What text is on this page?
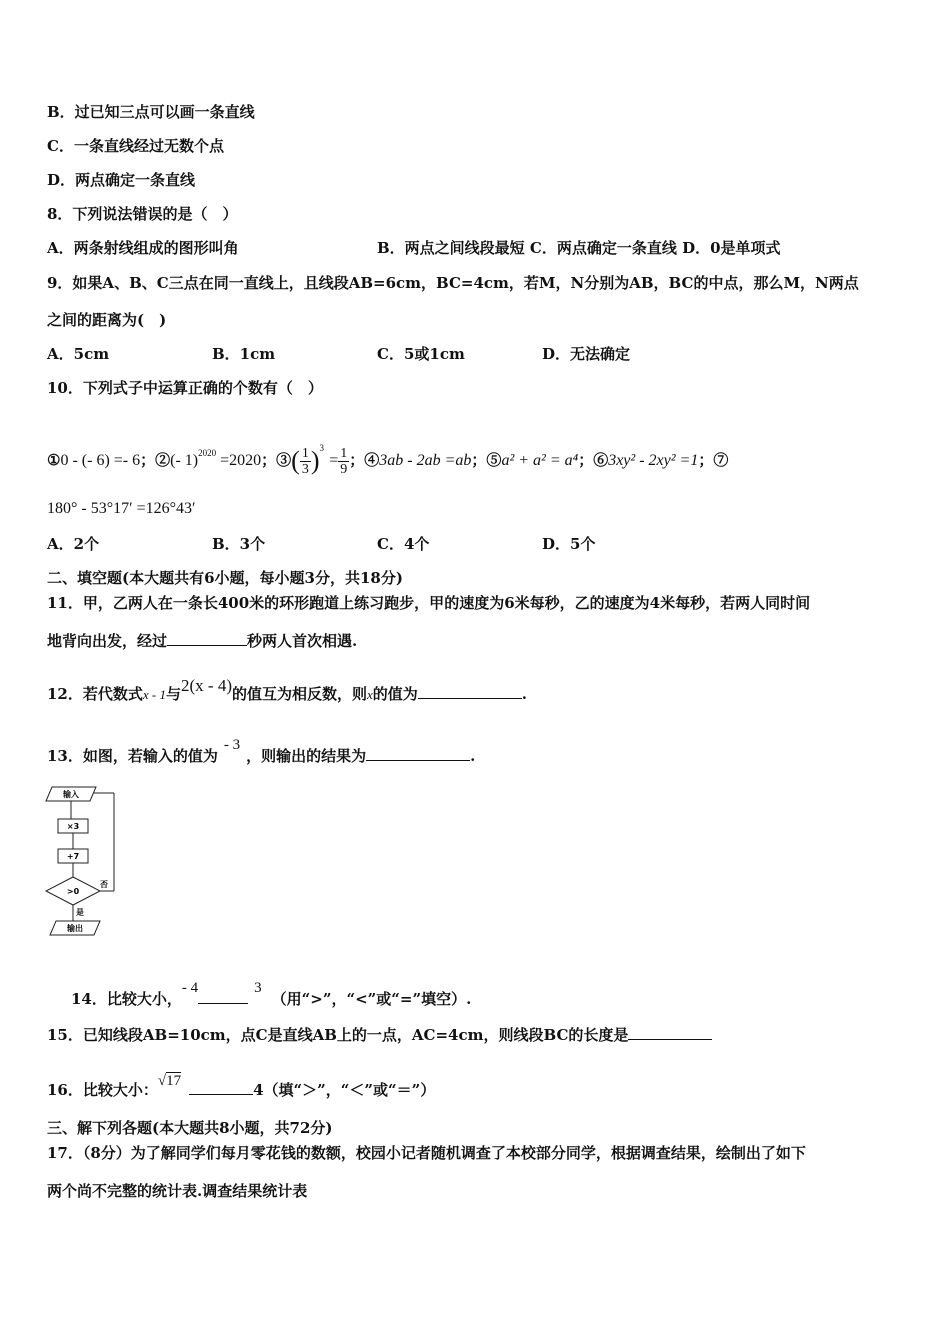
B．过已知三点可以画一条直线
C．一条直线经过无数个点
D．两点确定一条直线
8．下列说法错误的是（　）
A．两条射线组成的图形叫角	B．两点之间线段最短 C．两点确定一条直线 D．0是单项式
9．如果A、B、C三点在同一直线上，且线段AB=6cm，BC=4cm，若M，N分别为AB，BC的中点，那么M，N两点
之间的距离为(　)
A．5cm	B．1cm	C．5或1cm	D．无法确定
10．下列式子中运算正确的个数有（　）
①0 - (- 6) =- 6；②(- 1)$^{2020}$ =2020；③( $\frac{1}{3} )^3 = \frac{1}{9}$ ；④3ab - 2ab =ab；⑤a² + a² = a⁴；⑥3xy² - 2xy² =1；⑦
180° - 53°17′ =126°43′
A．2个	B．3个	C．4个	D．5个
二、填空题(本大题共有6小题，每小题3分，共18分)
11．甲，乙两人在一条长400米的环形跑道上练习跑步，甲的速度为6米每秒，乙的速度为4米每秒，若两人同时间
地背向出发，经过	秒两人首次相遇.
12．若代数式x - 1与2(x - 4)的值互为相反数，则x的值为	.
13．如图，若输入的值为- 3，则输出的结果为	.
输入
×3
+7
>0
否
是
输出
14．比较大小，- 4	3（用“>”，“<”或“=”填空）.
15．已知线段AB=10cm，点C是直线AB上的一点，AC=4cm，则线段BC的长度是
16．比较大小：√17	4（填“＞”，“＜”或“＝”）
三、解下列各题(本大题共8小题，共72分)
17．（8分）为了解同学们每月零花钱的数额，校园小记者随机调查了本校部分同学，根据调查结果，绘制出了如下
两个尚不完整的统计表.调查结果统计表
